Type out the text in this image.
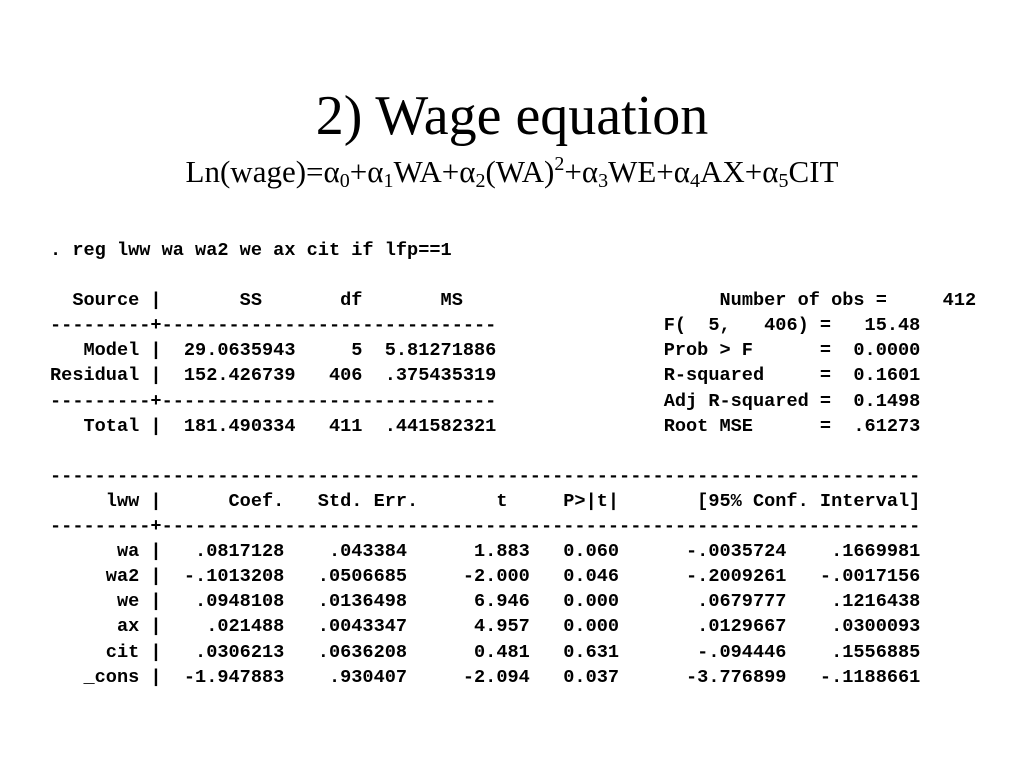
2) Wage equation
$Ln(wage)=\alpha_0+\alpha_1WA+\alpha_2(WA)^2+\alpha_3WE+\alpha_4AX+\alpha_5CIT$
. reg lww wa wa2 we ax cit if lfp==1
Source |       SS       df       MS	Number of obs =     412
---------+------------------------------	F(  5,   406) =   15.48
Model |  29.0635943     5  5.81271886	Prob > F      =  0.0000
Residual |  152.426739   406  .375435319	R-squared     =  0.1601
---------+------------------------------	Adj R-squared =  0.1498
Total |  181.490334   411  .441582321	Root MSE      =  .61273
------------------------------------------------------------------------------
lww |      Coef.   Std. Err.       t     P>|t|       [95% Conf. Interval]
---------+--------------------------------------------------------------------
wa |   .0817128    .043384      1.883   0.060      -.0035724    .1669981
wa2 |  -.1013208   .0506685     -2.000   0.046      -.2009261   -.0017156
we |   .0948108   .0136498      6.946   0.000       .0679777    .1216438
ax |    .021488   .0043347      4.957   0.000       .0129667    .0300093
cit |   .0306213   .0636208      0.481   0.631       -.094446    .1556885
_cons |  -1.947883    .930407     -2.094   0.037      -3.776899   -.1188661
